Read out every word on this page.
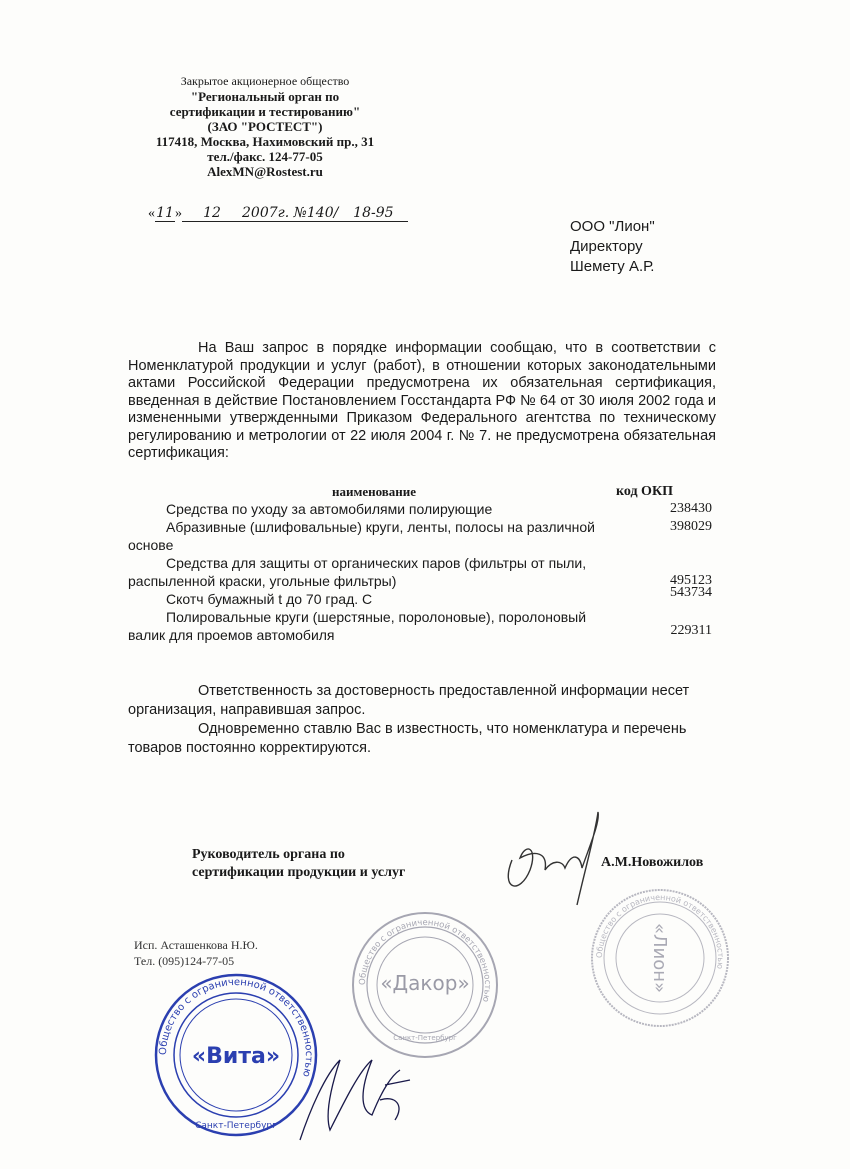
Закрытое акционерное общество
"Региональный орган по
сертификации и тестированию"
(ЗАО "РОСТЕСТ")
117418, Москва, Нахимовский пр., 31
тел./факс. 124-77-05
AlexMN@Rostest.ru
«11» 12 2007г. №140/ 18-95
ООО "Лион"
Директору
Шемету А.Р.

На Ваш запрос в порядке информации сообщаю, что в соответствии с Номенклатурой продукции и услуг (работ), в отношении которых законодательными актами Российской Федерации предусмотрена их обязательная сертификация, введенная в действие Постановлением Госстандарта РФ № 64 от 30 июля 2002 года и измененными утвержденными Приказом Федерального агентства по техническому регулированию и метрологии от 22 июля 2004 г. № 7. не предусмотрена обязательная сертификация:

наименование	код ОКП
238430
Средства по уходу за автомобилями полирующие
398029
Абразивные (шлифовальные) круги, ленты, полосы на различной основе
495123
Средства для защиты от органических паров (фильтры от пыли, распыленной краски, угольные фильтры)
543734
Скотч бумажный t до 70 град. С
229311
Полировальные круги (шерстяные, поролоновые), поролоновый валик для проемов автомобиля

Ответственность за достоверность предоставленной информации несет организация, направившая запрос.

Одновременно ставлю Вас в известность, что номенклатура и перечень товаров постоянно корректируются.

Руководитель органа по
сертификации продукции и услуг
А.М.Новожилов
Исп. Асташенкова Н.Ю.
Тел. (095)124-77-05
Общество с ограниченной ответственностью
«Дакор»
Санкт-Петербург
Общество с ограниченной ответственностью
«Лион»
Общество с ограниченной ответственностью
«Вита»
Санкт-Петербург
